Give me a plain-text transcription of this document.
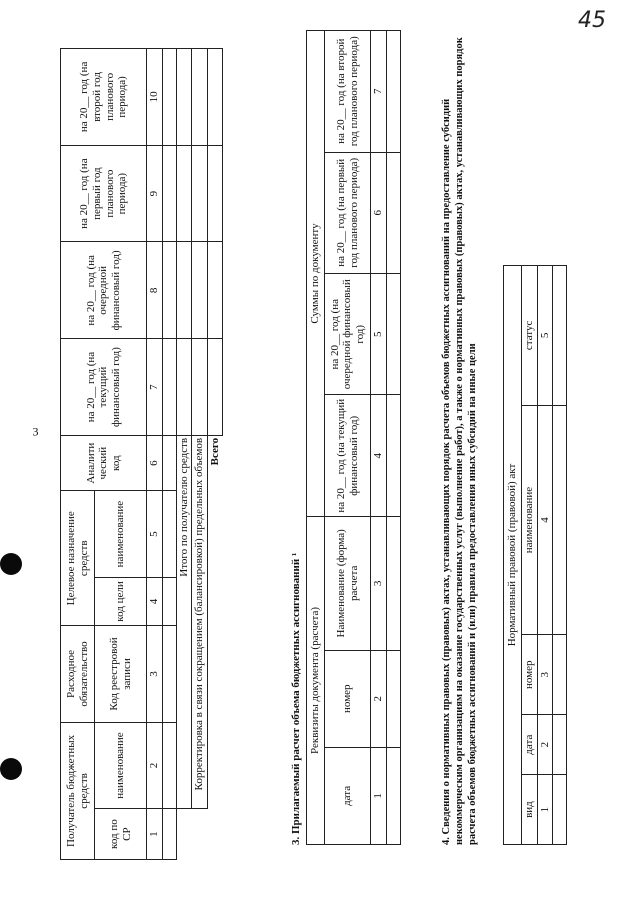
45
3
Получатель бюджетных средств		Расходное обязательство	Целевое назначение средств		Аналити ческий код	на 20__ год (на текущий финансовый год)	на 20__ год (на очередной финансовый год)	на 20__ год (на первый год планового периода)	на 20__ год (на второй год планового периода)
код по СР	наименование	Код реестровой записи	код цели	наименование					
1	2	3	4	5	6	7	8	9	10

	Итого по получателю средств								
	Корректировка в связи сокращением (балансировкой) предельных объемов								
	Всего								
3. Прилагаемый расчет объема бюджетных ассигнований ¹ Реквизиты документа (расчета)			Суммы по документу			
дата	номер	Наименование (форма) расчета	на 20__ год (на текущий финансовый год)	на 20__ год (на очередной финансовый год)	на 20__ год (на первый год планового периода)	на 20__ год (на второй год планового периода)
1	2	3	4	5	6	7

4. Сведения о нормативных правовых (правовых) актах, устанавливающих порядок расчета объемов бюджетных ассигнований на предоставление субсидий некоммерческим организациям на оказание государственных услуг (выполнение работ), а также о нормативных правовых (правовых) актах, устанавливающих порядок расчета объемов бюджетных ассигнований и (или) правила предоставления иных субсидий на иные цели	Нормативный правовой (правовой) акт				
вид	дата	номер	наименование	статус
1	2	3	4	5
